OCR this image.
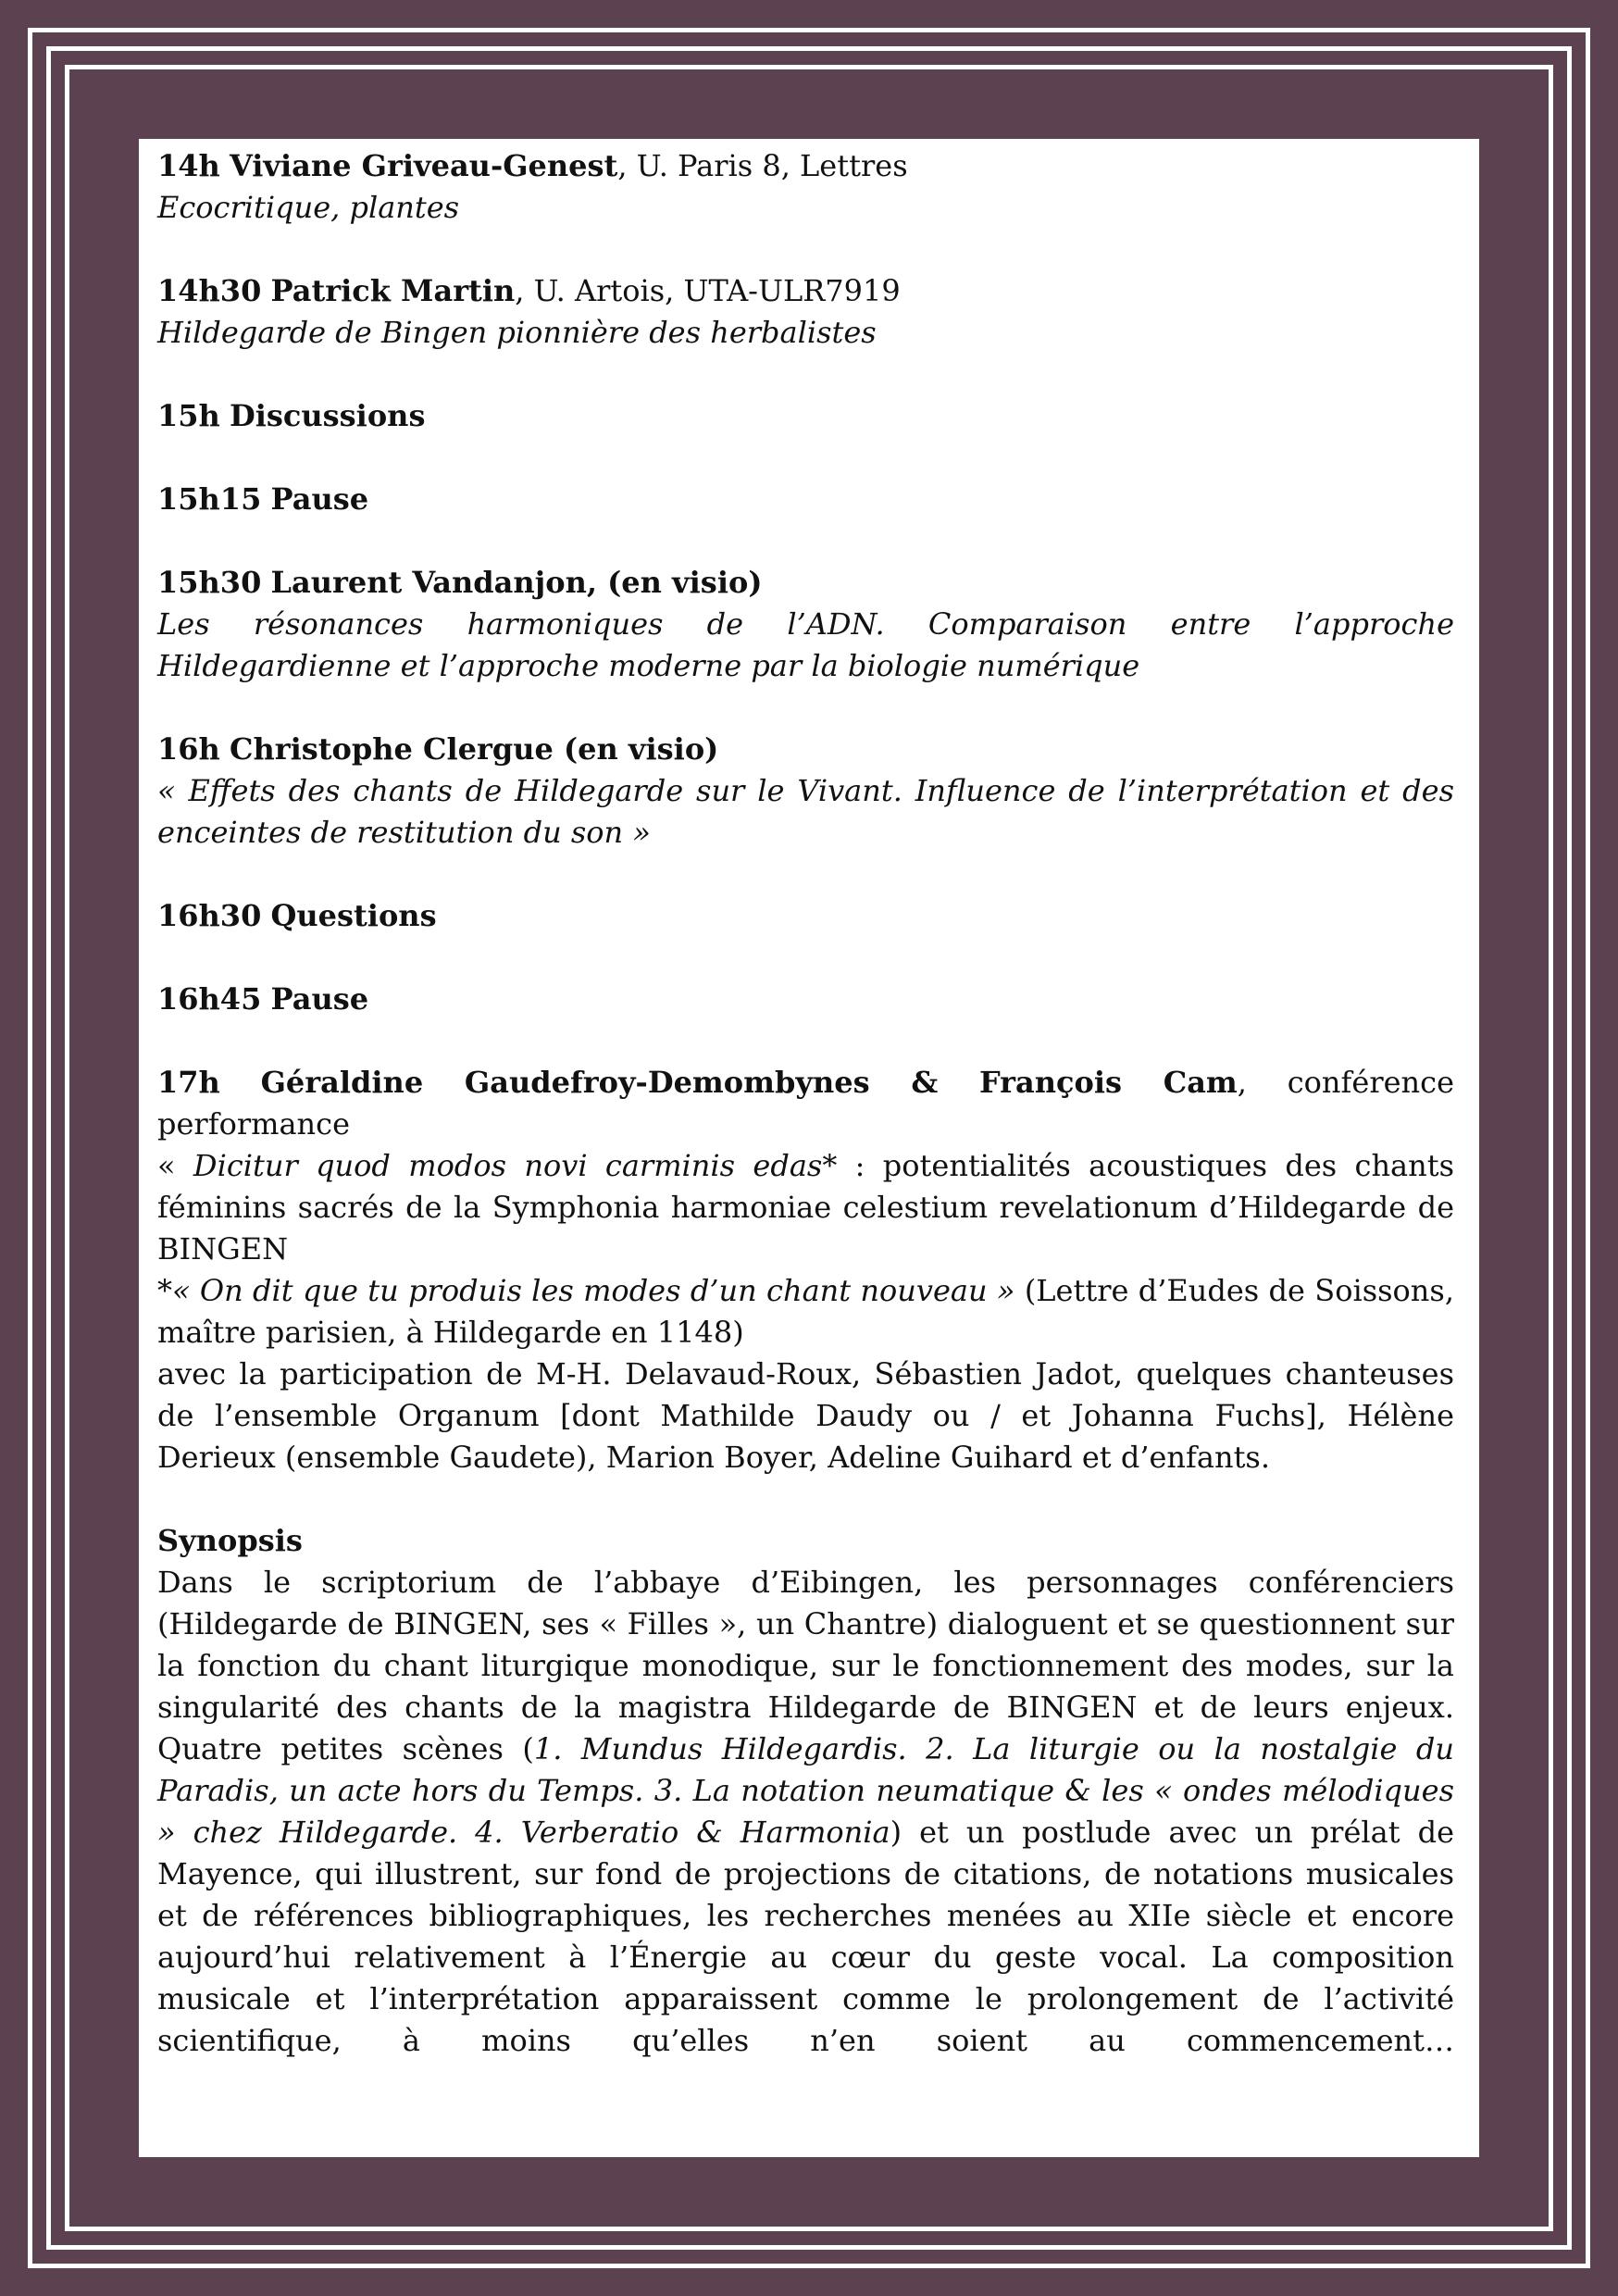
14h Viviane Griveau-Genest, U. Paris 8, Lettres

Ecocritique, plantes

14h30 Patrick Martin, U. Artois, UTA-ULR7919

Hildegarde de Bingen pionnière des herbalistes

15h Discussions

15h15 Pause

15h30 Laurent Vandanjon, (en visio)

Les résonances harmoniques de l’ADN. Comparaison entre l’approche Hildegardienne et l’approche moderne par la biologie numérique

16h Christophe Clergue (en visio)

« Effets des chants de Hildegarde sur le Vivant. Influence de l’interprétation et des enceintes de restitution du son »

16h30 Questions

16h45 Pause

17h Géraldine Gaudefroy-Demombynes & François Cam, conférence performance

« Dicitur quod modos novi carminis edas* : potentialités acoustiques des chants féminins sacrés de la Symphonia harmoniae celestium revelationum d’Hildegarde de BINGEN

*« On dit que tu produis les modes d’un chant nouveau » (Lettre d’Eudes de Soissons, maître parisien, à Hildegarde en 1148)

avec la participation de M-H. Delavaud-Roux, Sébastien Jadot, quelques chanteuses de l’ensemble Organum [dont Mathilde Daudy ou / et Johanna Fuchs], Hélène Derieux (ensemble Gaudete), Marion Boyer, Adeline Guihard et d’enfants.

Synopsis

Dans le scriptorium de l’abbaye d’Eibingen, les personnages conférenciers (Hildegarde de BINGEN, ses « Filles », un Chantre) dialoguent et se questionnent sur la fonction du chant liturgique monodique, sur le fonctionnement des modes, sur la singularité des chants de la magistra Hildegarde de BINGEN et de leurs enjeux. Quatre petites scènes (1. Mundus Hildegardis. 2. La liturgie ou la nostalgie du Paradis, un acte hors du Temps. 3. La notation neumatique & les « ondes mélodiques » chez Hildegarde. 4. Verberatio & Harmonia) et un postlude avec un prélat de Mayence, qui illustrent, sur fond de projections de citations, de notations musicales et de références bibliographiques, les recherches menées au XIIe siècle et encore aujourd’hui relativement à l’Énergie au cœur du geste vocal. La composition musicale et l’interprétation apparaissent comme le prolongement de l’activité scientifique, à moins qu’elles n’en soient au commencement…
